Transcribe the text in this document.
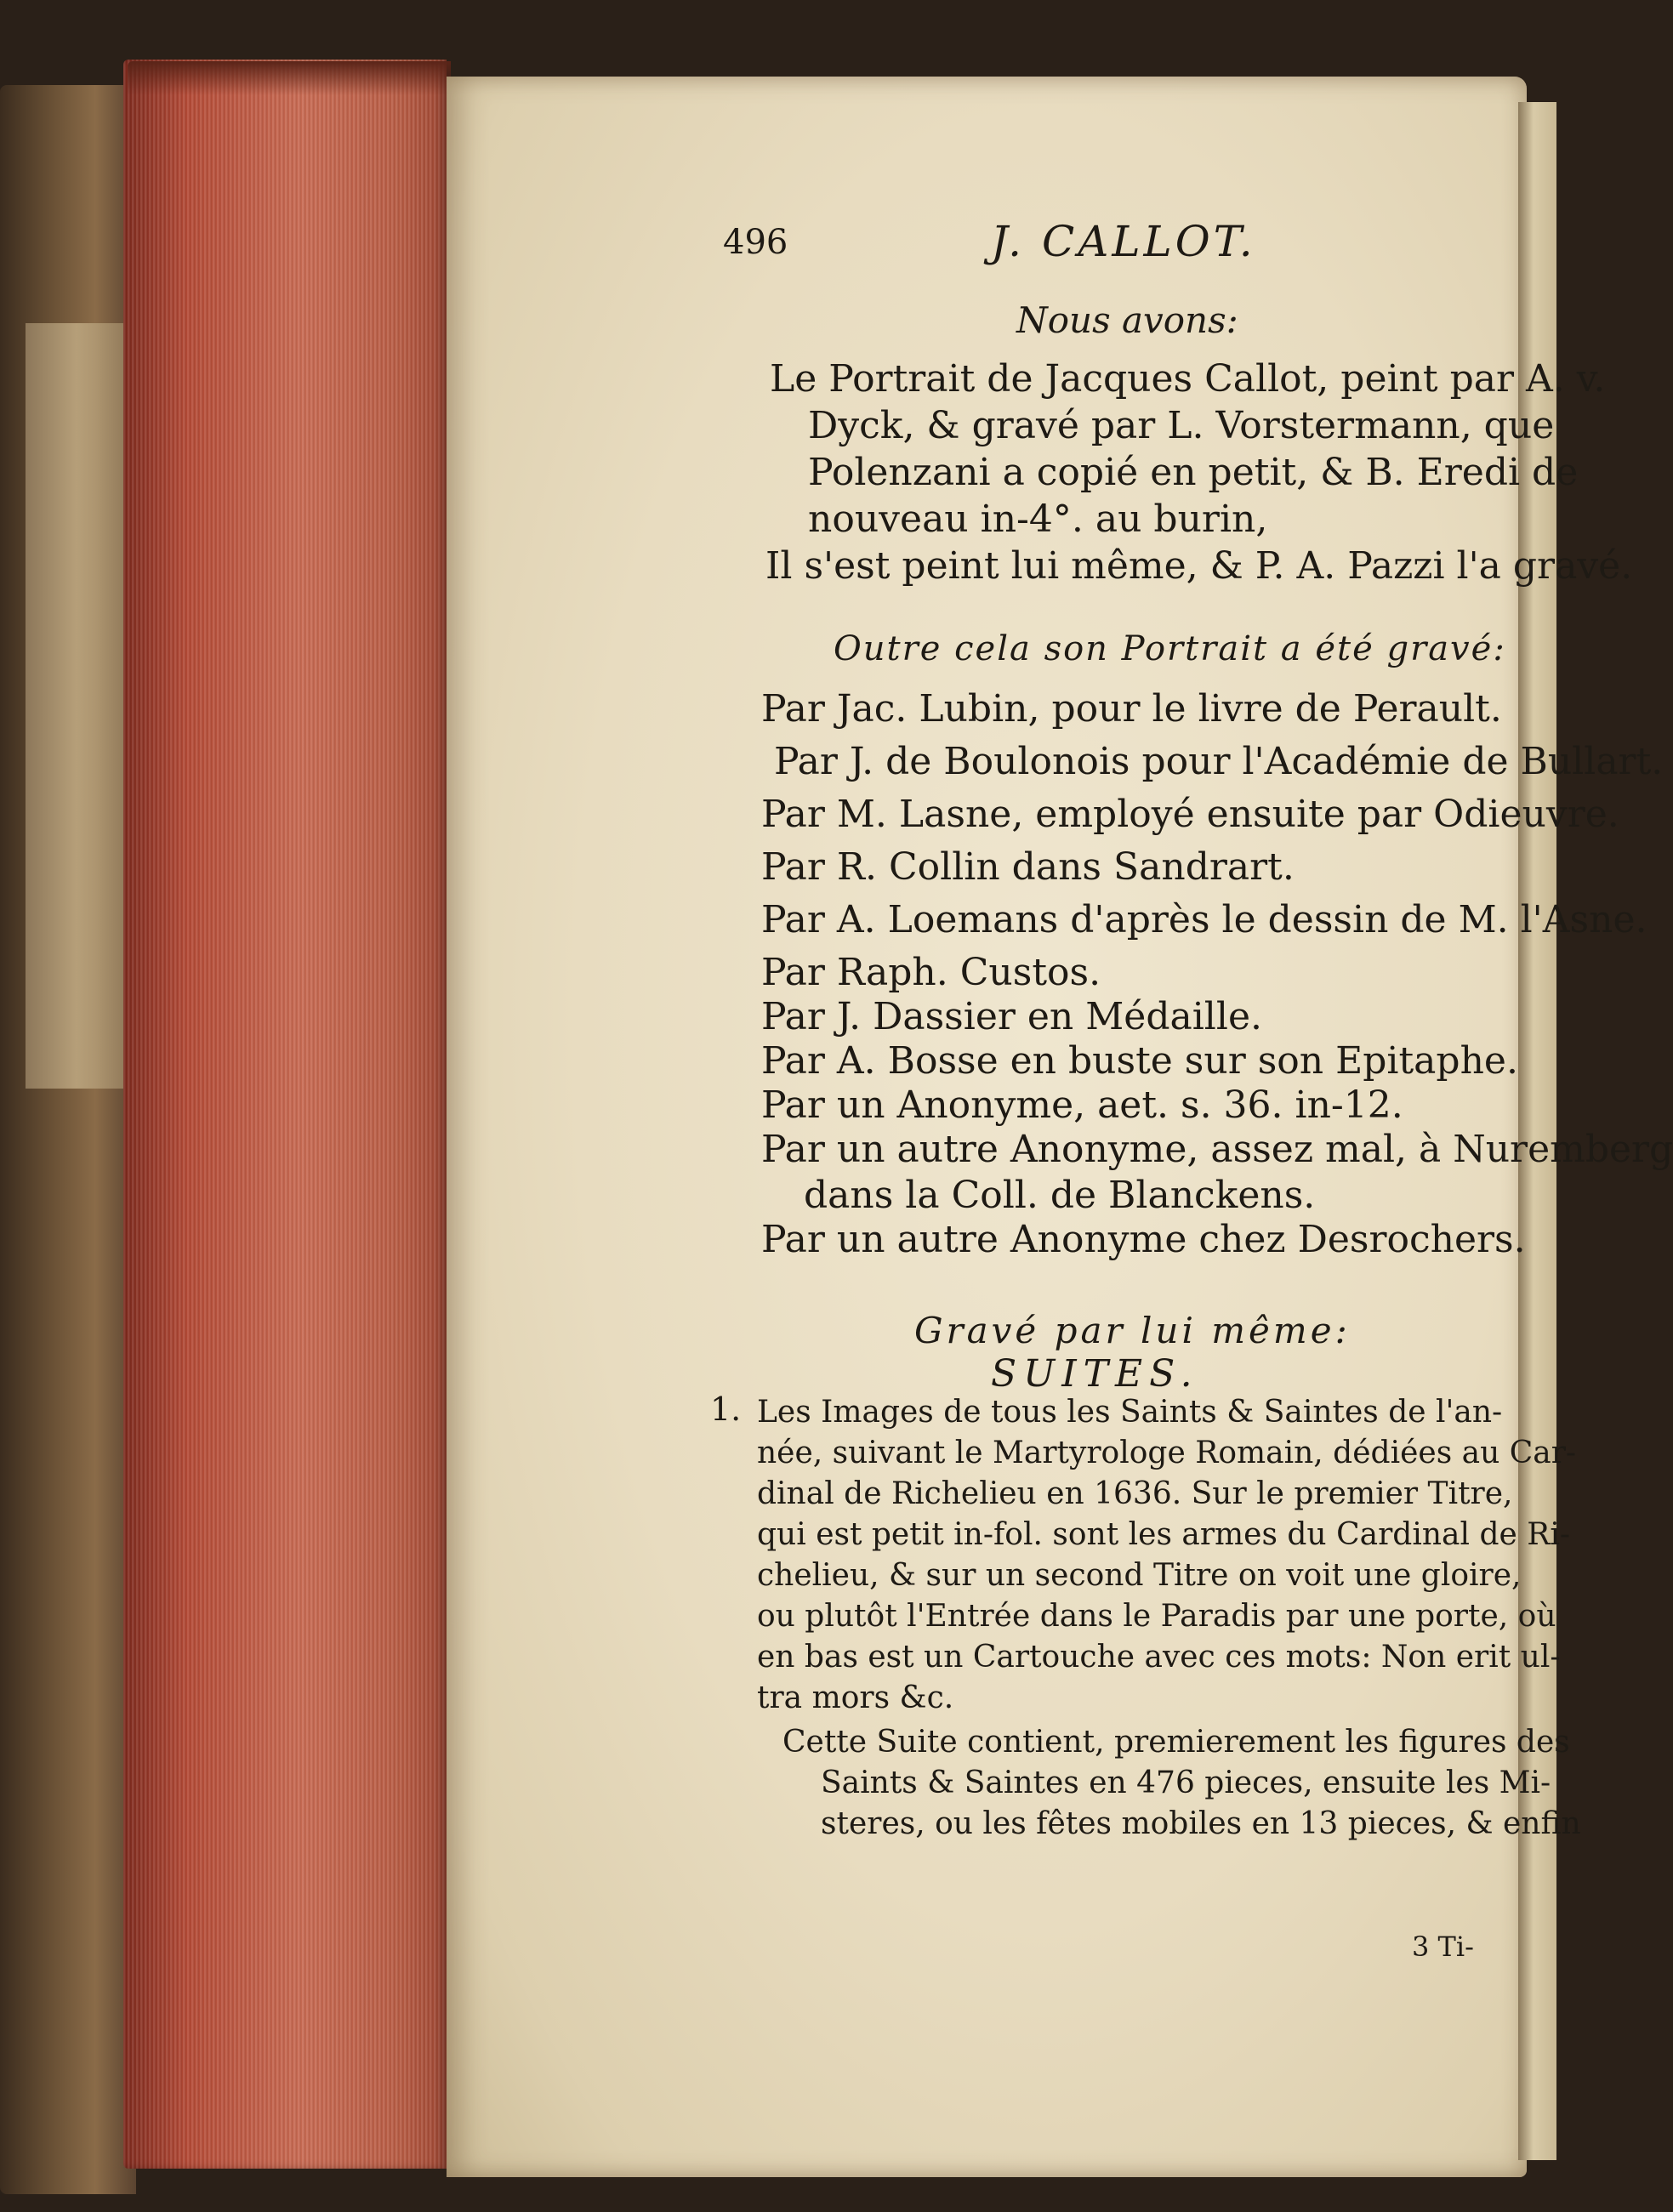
496	J. CALLOT.
Nous avons:
Le Portrait de Jacques Callot, peint par A. v.
Dyck, & gravé par L. Vorstermann, que
Polenzani a copié en petit, & B. Eredi de
nouveau in-4°. au burin,
Il s'est peint lui même, & P. A. Pazzi l'a gravé.
Outre cela son Portrait a été gravé:
Par Jac. Lubin, pour le livre de Perault.
Par J. de Boulonois pour l'Académie de Bullart.
Par M. Lasne, employé ensuite par Odieuvre.
Par R. Collin dans Sandrart.
Par A. Loemans d'après le dessin de M. l'Asne.
Par Raph. Custos.
Par J. Dassier en Médaille.
Par A. Bosse en buste sur son Epitaphe.
Par un Anonyme, aet. s. 36. in-12.
Par un autre Anonyme, assez mal, à Nuremberg
dans la Coll. de Blanckens.
Par un autre Anonyme chez Desrochers.
Gravé par lui même:
SUITES.
1. Les Images de tous les Saints & Saintes de l'an-
née, suivant le Martyrologe Romain, dédiées au Car-
dinal de Richelieu en 1636. Sur le premier Titre,
qui est petit in-fol. sont les armes du Cardinal de Ri-
chelieu, & sur un second Titre on voit une gloire,
ou plutôt l'Entrée dans le Paradis par une porte, où
en bas est un Cartouche avec ces mots: Non erit ul-
tra mors &c.
Cette Suite contient, premierement les figures des
Saints & Saintes en 476 pieces, ensuite les Mi-
steres, ou les fêtes mobiles en 13 pieces, & enfin
3 Ti-
